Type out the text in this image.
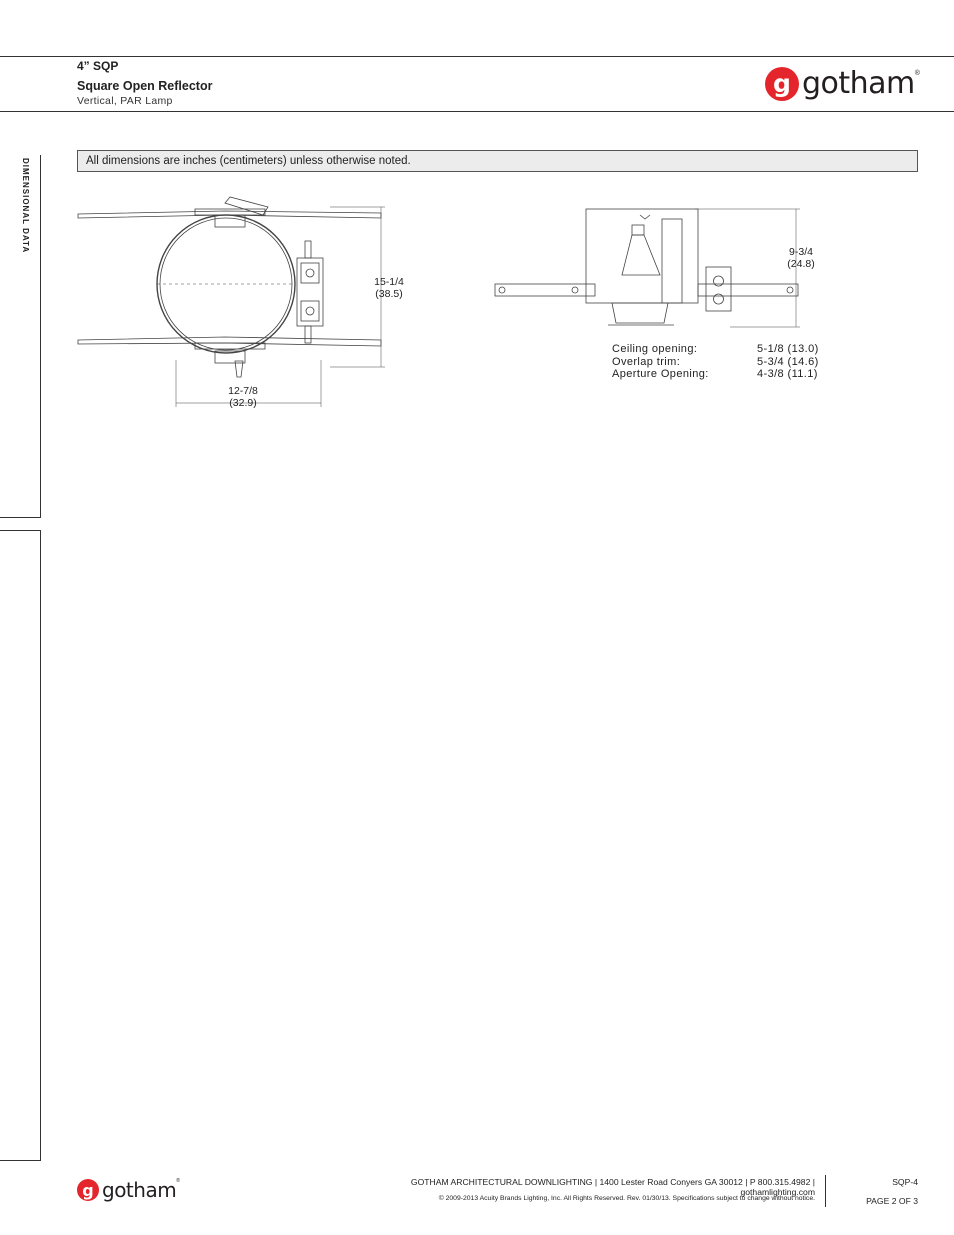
4” SQP
Square Open Reflector
Vertical, PAR Lamp
g gotham ®
DIMENSIONAL DATA	All dimensions are inches (centimeters) unless otherwise noted.
15-1/4
(38.5)
12-7/8
(32.9)
9-3/4
(24.8)
Ceiling opening:	5-1/8 (13.0)
Overlap trim:	5-3/4 (14.6)
Aperture Opening:	4-3/8 (11.1)
g gotham ®	GOTHAM ARCHITECTURAL DOWNLIGHTING | 1400 Lester Road Conyers GA 30012 | P 800.315.4982 | gothamlighting.com
© 2009-2013 Acuity Brands Lighting, Inc. All Rights Reserved. Rev. 01/30/13. Specifications subject to change without notice.
SQP-4
PAGE 2 OF 3
